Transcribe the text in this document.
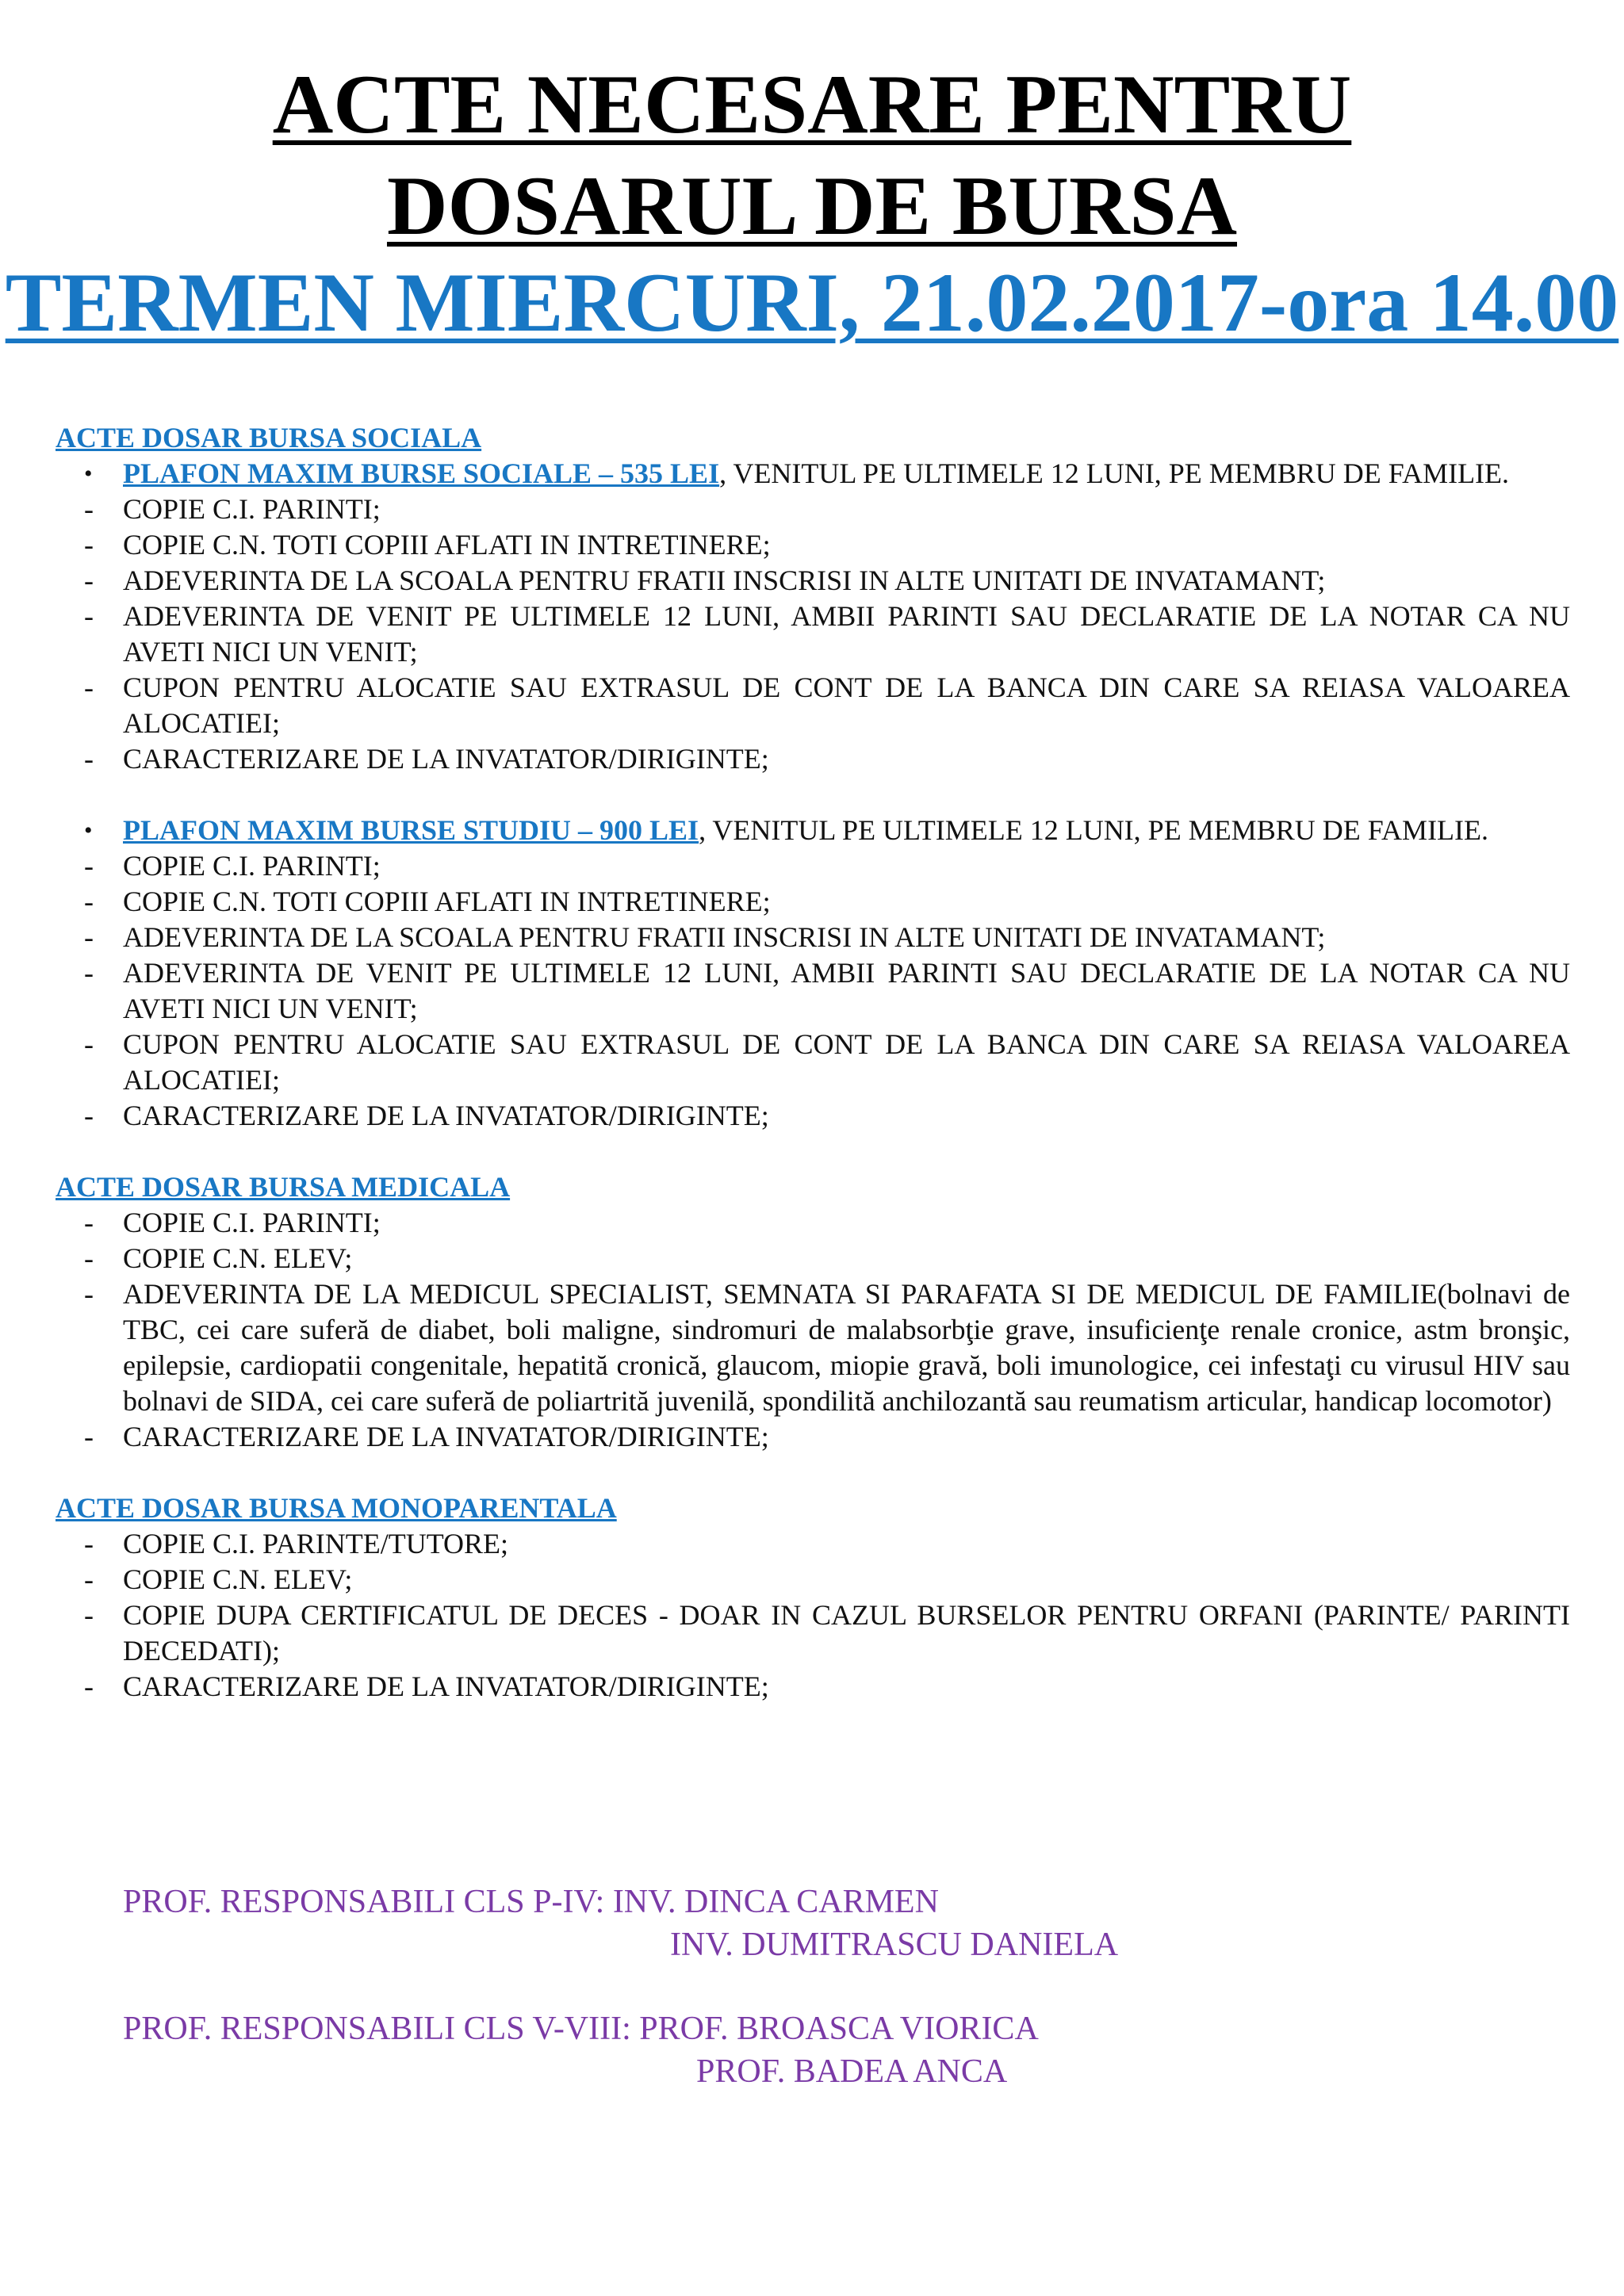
ACTE NECESARE PENTRU
DOSARUL DE BURSA
TERMEN MIERCURI, 21.02.2017-ora 14.00
ACTE DOSAR BURSA SOCIALA
•	PLAFON MAXIM BURSE SOCIALE – 535 LEI, VENITUL PE ULTIMELE 12 LUNI, PE MEMBRU DE FAMILIE.
-	COPIE C.I. PARINTI;
-	COPIE C.N. TOTI COPIII AFLATI IN INTRETINERE;
-	ADEVERINTA DE LA SCOALA PENTRU FRATII INSCRISI IN ALTE UNITATI DE INVATAMANT;
-	ADEVERINTA DE VENIT PE ULTIMELE 12 LUNI, AMBII PARINTI SAU DECLARATIE DE LA NOTAR CA NU AVETI NICI UN VENIT;
-	CUPON PENTRU ALOCATIE SAU EXTRASUL DE CONT DE LA BANCA DIN CARE SA REIASA VALOAREA ALOCATIEI;
-	CARACTERIZARE DE LA INVATATOR/DIRIGINTE;
•	PLAFON MAXIM BURSE STUDIU – 900 LEI, VENITUL PE ULTIMELE 12 LUNI, PE MEMBRU DE FAMILIE.
-	COPIE C.I. PARINTI;
-	COPIE C.N. TOTI COPIII AFLATI IN INTRETINERE;
-	ADEVERINTA DE LA SCOALA PENTRU FRATII INSCRISI IN ALTE UNITATI DE INVATAMANT;
-	ADEVERINTA DE VENIT PE ULTIMELE 12 LUNI, AMBII PARINTI SAU DECLARATIE DE LA NOTAR CA NU AVETI NICI UN VENIT;
-	CUPON PENTRU ALOCATIE SAU EXTRASUL DE CONT DE LA BANCA DIN CARE SA REIASA VALOAREA ALOCATIEI;
-	CARACTERIZARE DE LA INVATATOR/DIRIGINTE;
ACTE DOSAR BURSA MEDICALA
-	COPIE C.I. PARINTI;
-	COPIE C.N. ELEV;
-	ADEVERINTA DE LA MEDICUL SPECIALIST, SEMNATA SI PARAFATA SI DE MEDICUL DE FAMILIE(bolnavi de TBC, cei care suferă de diabet, boli maligne, sindromuri de malabsorbţie grave, insuficienţe renale cronice, astm bronşic, epilepsie, cardiopatii congenitale, hepatită cronică, glaucom, miopie gravă, boli imunologice, cei infestaţi cu virusul HIV sau bolnavi de SIDA, cei care suferă de poliartrită juvenilă, spondilită anchilozantă sau reumatism articular, handicap locomotor)
-	CARACTERIZARE DE LA INVATATOR/DIRIGINTE;
ACTE DOSAR BURSA MONOPARENTALA
-	COPIE C.I. PARINTE/TUTORE;
-	COPIE C.N. ELEV;
-	COPIE DUPA CERTIFICATUL DE DECES - DOAR IN CAZUL BURSELOR PENTRU ORFANI (PARINTE/ PARINTI DECEDATI);
-	CARACTERIZARE DE LA INVATATOR/DIRIGINTE;
PROF. RESPONSABILI CLS P-IV: INV. DINCA CARMEN
INV. DUMITRASCU DANIELA
PROF. RESPONSABILI CLS V-VIII: PROF. BROASCA VIORICA
PROF. BADEA ANCA
